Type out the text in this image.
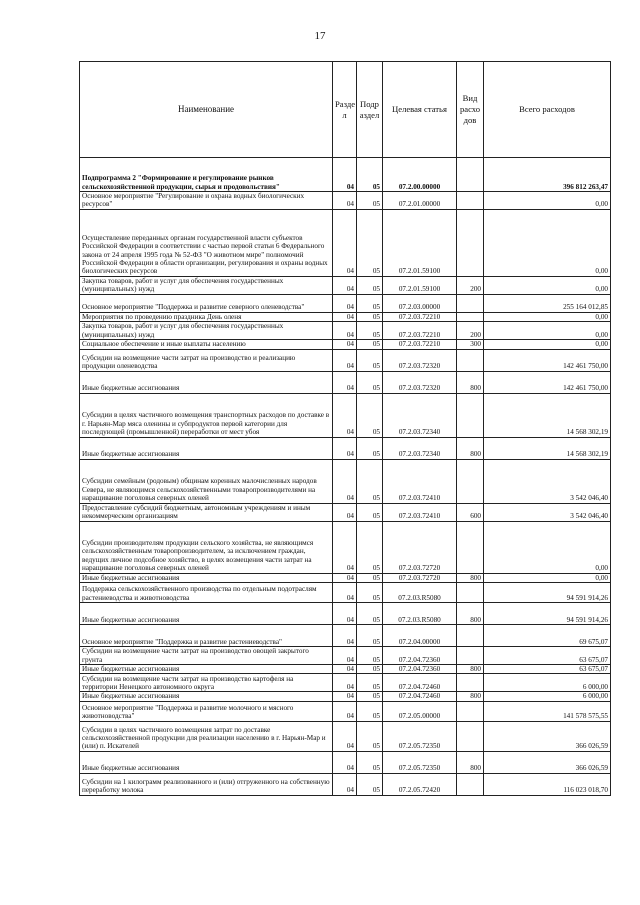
17
Наименование	Разде л	Подр аздел	Целевая статья	Вид расхо дов	Всего расходов
Подпрограмма 2 "Формирование и регулирование рынков сельскохозяйственной продукции, сырья и продовольствия"	04	05	07.2.00.00000		396 812 263,47
Основное мероприятие "Регулирование и охрана водных биологических ресурсов"	04	05	07.2.01.00000		0,00
Осуществление переданных органам государственной власти субъектов Российской Федерации в соответствии с частью первой статьи 6 Федерального закона от 24 апреля 1995 года № 52-ФЗ "О животном мире" полномочий Российской Федерации в области организации, регулирования и охраны водных биологических ресурсов	04	05	07.2.01.59100		0,00
Закупка товаров, работ и услуг для обеспечения государственных (муниципальных) нужд	04	05	07.2.01.59100	200	0,00
Основное мероприятие "Поддержка и развитие северного оленеводства"	04	05	07.2.03.00000		255 164 012,85
Мероприятия по проведению праздника День оленя	04	05	07.2.03.72210		0,00
Закупка товаров, работ и услуг для обеспечения государственных (муниципальных) нужд	04	05	07.2.03.72210	200	0,00
Социальное обеспечение и иные выплаты населению	04	05	07.2.03.72210	300	0,00
Субсидии на возмещение части затрат на производство и реализацию продукции оленеводства	04	05	07.2.03.72320		142 461 750,00
Иные бюджетные ассигнования	04	05	07.2.03.72320	800	142 461 750,00
Субсидии в целях частичного возмещения транспортных расходов по доставке в г. Нарьян-Мар мяса оленины и субпродуктов первой категории для последующей (промышленной) переработки от мест убоя	04	05	07.2.03.72340		14 568 302,19
Иные бюджетные ассигнования	04	05	07.2.03.72340	800	14 568 302,19
Субсидии семейным (родовым) общинам коренных малочисленных народов Севера, не являющимся сельскохозяйственными товаропроизводителями на наращивание поголовья северных оленей	04	05	07.2.03.72410		3 542 046,40
Предоставление субсидий бюджетным, автономным учреждениям и иным некоммерческим организациям	04	05	07.2.03.72410	600	3 542 046,40
Субсидии производителям продукции сельского хозяйства, не являющимся сельскохозяйственным товаропроизводителем, за исключением граждан, ведущих личное подсобное хозяйство, в целях возмещения части затрат на наращивание поголовья северных оленей	04	05	07.2.03.72720		0,00
Иные бюджетные ассигнования	04	05	07.2.03.72720	800	0,00
Поддержка сельскохозяйственного производства по отдельным подотраслям растениеводства и животноводства	04	05	07.2.03.R5080		94 591 914,26
Иные бюджетные ассигнования	04	05	07.2.03.R5080	800	94 591 914,26
Основное мероприятие "Поддержка и развитие растениеводства"	04	05	07.2.04.00000		69 675,07
Субсидии на возмещение части затрат на производство овощей закрытого грунта	04	05	07.2.04.72360		63 675,07
Иные бюджетные ассигнования	04	05	07.2.04.72360	800	63 675,07
Субсидии на возмещение части затрат на производство картофеля на территории Ненецкого автономного округа	04	05	07.2.04.72460		6 000,00
Иные бюджетные ассигнования	04	05	07.2.04.72460	800	6 000,00
Основное мероприятие "Поддержка и развитие молочного и мясного животноводства"	04	05	07.2.05.00000		141 578 575,55
Субсидии в целях частичного возмещения затрат по доставке сельскохозяйственной продукции для реализации населению в г. Нарьян-Мар и (или) п. Искателей	04	05	07.2.05.72350		366 026,59
Иные бюджетные ассигнования	04	05	07.2.05.72350	800	366 026,59
Субсидии на 1 килограмм реализованного и (или) отгруженного на собственную переработку молока	04	05	07.2.05.72420		116 023 018,70
